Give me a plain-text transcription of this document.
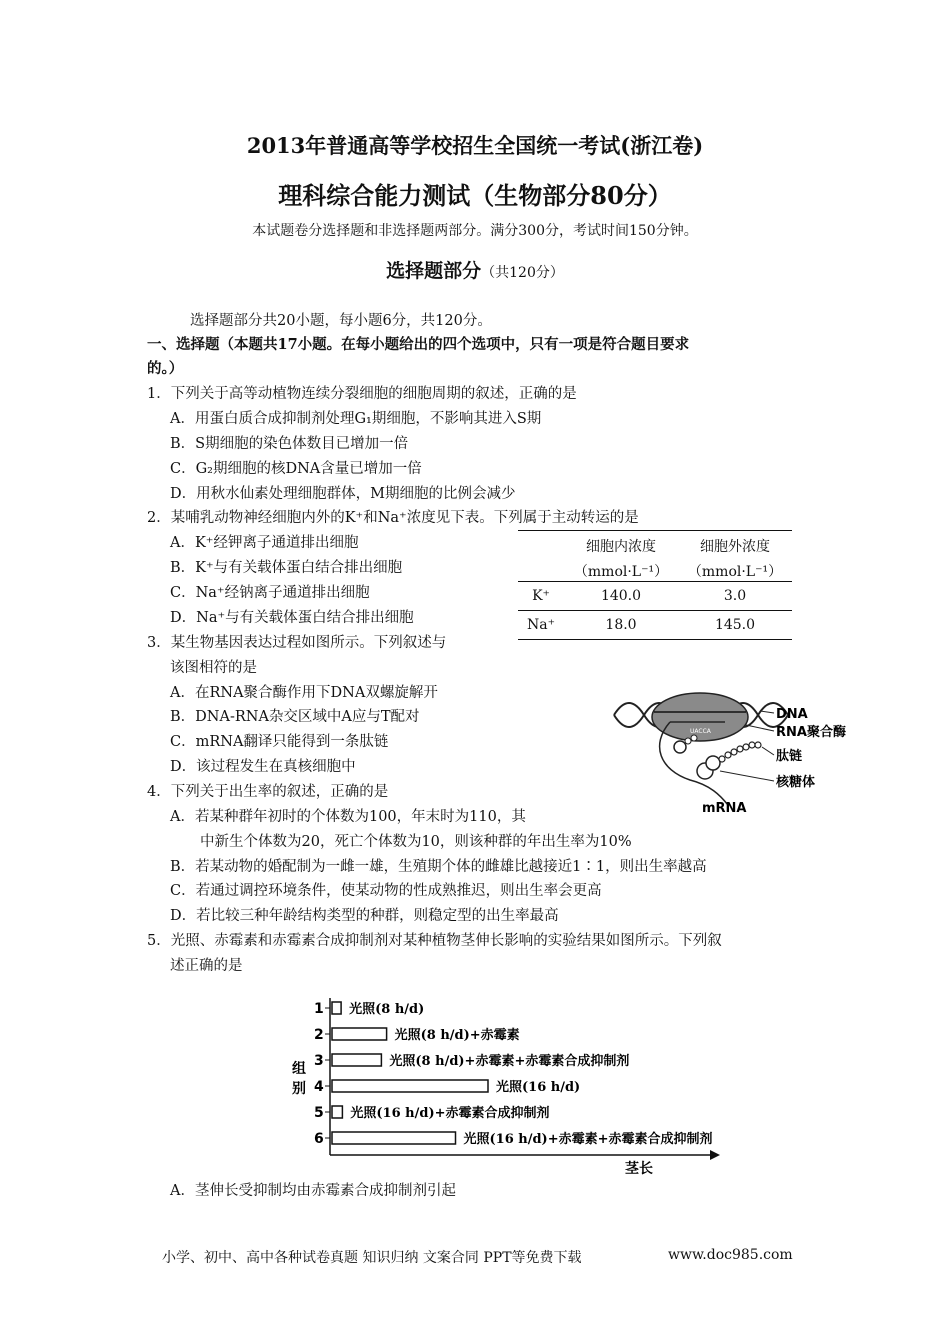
2013年普通高等学校招生全国统一考试(浙江卷)
理科综合能力测试（生物部分80分）
本试题卷分选择题和非选择题两部分。满分300分，考试时间150分钟。
选择题部分（共120分）
选择题部分共20小题，每小题6分，共120分。
一、选择题（本题共17小题。在每小题给出的四个选项中，只有一项是符合题目要求
的。）
1．下列关于高等动植物连续分裂细胞的细胞周期的叙述，正确的是
A．用蛋白质合成抑制剂处理G₁期细胞，不影响其进入S期
B．S期细胞的染色体数目已增加一倍
C．G₂期细胞的核DNA含量已增加一倍
D．用秋水仙素处理细胞群体，M期细胞的比例会减少
2．某哺乳动物神经细胞内外的K⁺和Na⁺浓度见下表。下列属于主动转运的是
A．K⁺经钾离子通道排出细胞
B．K⁺与有关载体蛋白结合排出细胞
C．Na⁺经钠离子通道排出细胞
D．Na⁺与有关载体蛋白结合排出细胞
	细胞内浓度	细胞外浓度
	（mmol·L⁻¹）	（mmol·L⁻¹）
K⁺	140.0	3.0
Na⁺	18.0	145.0
3．某生物基因表达过程如图所示。下列叙述与
该图相符的是
A．在RNA聚合酶作用下DNA双螺旋解开
B．DNA-RNA杂交区域中A应与T配对
C．mRNA翻译只能得到一条肽链
D．该过程发生在真核细胞中
UACCA
DNA
RNA聚合酶
肽链
核糖体
mRNA
4．下列关于出生率的叙述，正确的是
A．若某种群年初时的个体数为100，年末时为110，其
中新生个体数为20，死亡个体数为10，则该种群的年出生率为10%
B．若某动物的婚配制为一雌一雄，生殖期个体的雌雄比越接近1∶1，则出生率越高
C．若通过调控环境条件，使某动物的性成熟推迟，则出生率会更高
D．若比较三种年龄结构类型的种群，则稳定型的出生率最高
5．光照、赤霉素和赤霉素合成抑制剂对某种植物茎伸长影响的实验结果如图所示。下列叙
述正确的是
组
别
茎长
1 光照(8 h/d)
2	光照(8 h/d)+赤霉素
3	光照(8 h/d)+赤霉素+赤霉素合成抑制剂
4	光照(16 h/d)
5 光照(16 h/d)+赤霉素合成抑制剂
6	光照(16 h/d)+赤霉素+赤霉素合成抑制剂
A．茎伸长受抑制均由赤霉素合成抑制剂引起
小学、初中、高中各种试卷真题 知识归纳 文案合同 PPT等免费下载	www.doc985.com
